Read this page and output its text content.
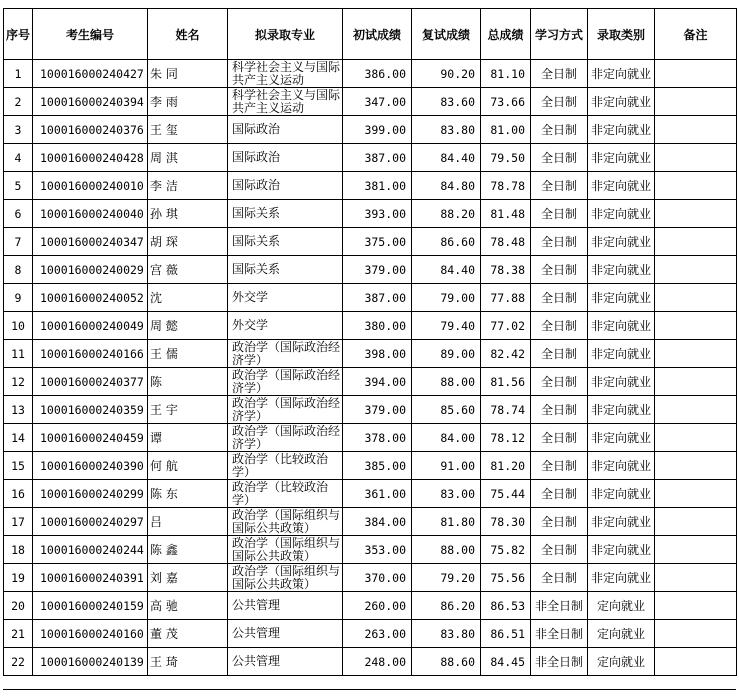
序号	考生编号	姓名	拟录取专业	初试成绩	复试成绩	总成绩	学习方式	录取类别	备注
1	100016000240427	朱 同	科学社会主义与国际共产主义运动	386.00	90.20	81.10	全日制	非定向就业	
2	100016000240394	李 雨	科学社会主义与国际共产主义运动	347.00	83.60	73.66	全日制	非定向就业	
3	100016000240376	王 玺	国际政治	399.00	83.80	81.00	全日制	非定向就业	
4	100016000240428	周 淇	国际政治	387.00	84.40	79.50	全日制	非定向就业	
5	100016000240010	李 洁	国际政治	381.00	84.80	78.78	全日制	非定向就业	
6	100016000240040	孙 琪	国际关系	393.00	88.20	81.48	全日制	非定向就业	
7	100016000240347	胡 琛	国际关系	375.00	86.60	78.48	全日制	非定向就业	
8	100016000240029	宫 薇	国际关系	379.00	84.40	78.38	全日制	非定向就业	
9	100016000240052	沈	外交学	387.00	79.00	77.88	全日制	非定向就业	
10	100016000240049	周 懿	外交学	380.00	79.40	77.02	全日制	非定向就业	
11	100016000240166	王 儒	政治学（国际政治经济学）	398.00	89.00	82.42	全日制	非定向就业	
12	100016000240377	陈	政治学（国际政治经济学）	394.00	88.00	81.56	全日制	非定向就业	
13	100016000240359	王 宇	政治学（国际政治经济学）	379.00	85.60	78.74	全日制	非定向就业	
14	100016000240459	谭	政治学（国际政治经济学）	378.00	84.00	78.12	全日制	非定向就业	
15	100016000240390	何 航	政治学（比较政治学）	385.00	91.00	81.20	全日制	非定向就业	
16	100016000240299	陈 东	政治学（比较政治学）	361.00	83.00	75.44	全日制	非定向就业	
17	100016000240297	吕	政治学（国际组织与国际公共政策）	384.00	81.80	78.30	全日制	非定向就业	
18	100016000240244	陈 鑫	政治学（国际组织与国际公共政策）	353.00	88.00	75.82	全日制	非定向就业	
19	100016000240391	刘 嘉	政治学（国际组织与国际公共政策）	370.00	79.20	75.56	全日制	非定向就业	
20	100016000240159	高 驰	公共管理	260.00	86.20	86.53	非全日制	定向就业	
21	100016000240160	董 茂	公共管理	263.00	83.80	86.51	非全日制	定向就业	
22	100016000240139	王 琦	公共管理	248.00	88.60	84.45	非全日制	定向就业	
